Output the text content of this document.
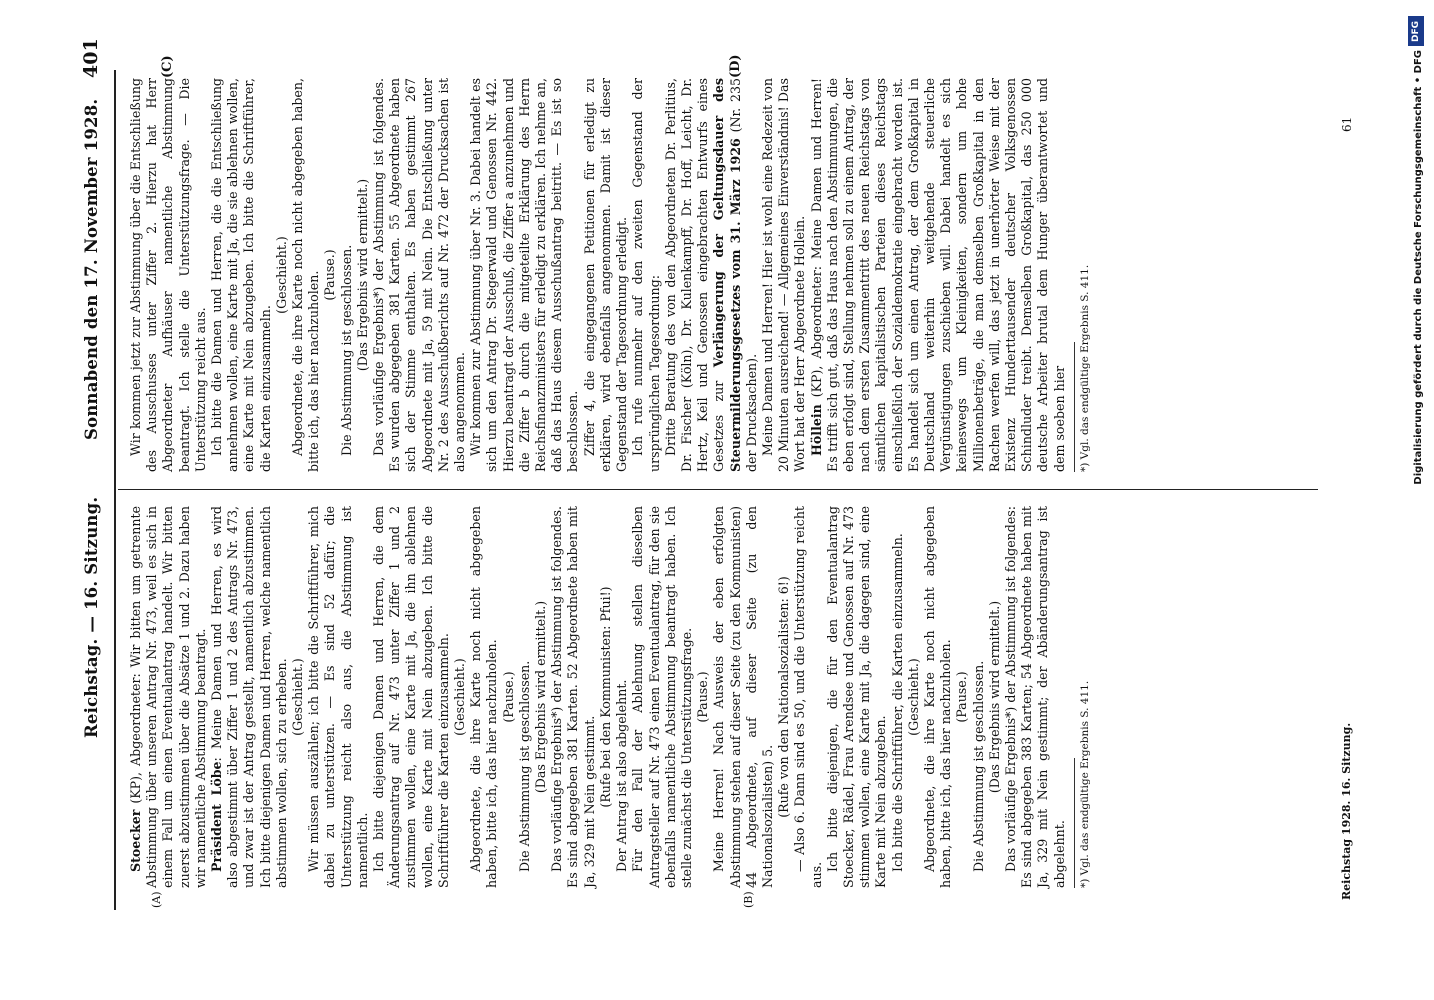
Reichstag. — 16. Sitzung.
Sonnabend den 17. November 1928.
401
(A)	(B)
(C)	(D)

Stoecker (KP), Abgeordneter: Wir bitten um getrennte Abstimmung über unseren Antrag Nr. 473, weil es sich in einem Fall um einen Eventualantrag handelt. Wir bitten zuerst abzustimmen über die Absätze 1 und 2. Dazu haben wir namentliche Abstimmung beantragt. Präsident Löbe: Meine Damen und Herren, es wird also abgestimmt über Ziffer 1 und 2 des Antrags Nr. 473, und zwar ist der Antrag gestellt, namentlich abzustimmen. Ich bitte diejenigen Damen und Herren, welche namentlich abstimmen wollen, sich zu erheben. (Geschieht.) Wir müssen auszählen; ich bitte die Schriftführer, mich dabei zu unterstützen. — Es sind 52 dafür; die Unterstützung reicht also aus, die Abstimmung ist namentlich. Ich bitte diejenigen Damen und Herren, die dem Änderungsantrag auf Nr. 473 unter Ziffer 1 und 2 zustimmen wollen, eine Karte mit Ja, die ihn ablehnen wollen, eine Karte mit Nein abzugeben. Ich bitte die Schriftführer die Karten einzusammeln. (Geschieht.) Abgeordnete, die ihre Karte noch nicht abgegeben haben, bitte ich, das hier nachzuholen. (Pause.) Die Abstimmung ist geschlossen. (Das Ergebnis wird ermittelt.) Das vorläufige Ergebnis*) der Abstimmung ist folgendes. Es sind abgegeben 381 Karten. 52 Abgeordnete haben mit Ja, 329 mit Nein gestimmt. (Rufe bei den Kommunisten: Pfui!) Der Antrag ist also abgelehnt. Für den Fall der Ablehnung stellen dieselben Antragsteller auf Nr. 473 einen Eventualantrag, für den sie ebenfalls namentliche Abstimmung beantragt haben. Ich stelle zunächst die Unterstützungsfrage. (Pause.) Meine Herren! Nach Ausweis der eben erfolgten Abstimmung stehen auf dieser Seite (zu den Kommunisten) 44 Abgeordnete, auf dieser Seite (zu den Nationalsozialisten) 5. (Rufe von den Nationalsozialisten: 6!) — Also 6. Dann sind es 50, und die Unterstützung reicht aus.

Ich bitte diejenigen, die für den Eventualantrag Stoecker, Rädel, Frau Arendsee und Genossen auf Nr. 473 stimmen wollen, eine Karte mit Ja, die dagegen sind, eine Karte mit Nein abzugeben. Ich bitte die Schriftführer, die Karten einzusammeln. (Geschieht.) Abgeordnete, die ihre Karte noch nicht abgegeben haben, bitte ich, das hier nachzuholen. (Pause.) Die Abstimmung ist geschlossen. (Das Ergebnis wird ermittelt.) Das vorläufige Ergebnis*) der Abstimmung ist folgendes: Es sind abgegeben 383 Karten; 54 Abgeordnete haben mit Ja, 329 mit Nein gestimmt; der Abänderungsantrag ist abgelehnt. *) Vgl. das endgültige Ergebnis S. 411.	Reichstag 1928. 16. Sitzung.

Wir kommen jetzt zur Abstimmung über die Entschließung des Ausschusses unter Ziffer 2. Hierzu hat Herr Abgeordneter Aufhäuser namentliche Abstimmung beantragt. Ich stelle die Unterstützungsfrage. — Die Unterstützung reicht aus. Ich bitte die Damen und Herren, die die Entschließung annehmen wollen, eine Karte mit Ja, die sie ablehnen wollen, eine Karte mit Nein abzugeben. Ich bitte die Schriftführer, die Karten einzusammeln.

(Geschieht.) Abgeordnete, die ihre Karte noch nicht abgegeben haben, bitte ich, das hier nachzuholen. (Pause.) Die Abstimmung ist geschlossen. (Das Ergebnis wird ermittelt.) Das vorläufige Ergebnis*) der Abstimmung ist folgendes. Es wurden abgegeben 381 Karten. 55 Abgeordnete haben sich der Stimme enthalten. Es haben gestimmt 267 Abgeordnete mit Ja, 59 mit Nein. Die Entschließung unter Nr. 2 des Ausschußberichts auf Nr. 472 der Drucksachen ist also angenommen. Wir kommen zur Abstimmung über Nr. 3. Dabei handelt es sich um den Antrag Dr. Stegerwald und Genossen Nr. 442. Hierzu beantragt der Ausschuß, die Ziffer a anzunehmen und die Ziffer b durch die mitgeteilte Erklärung des Herrn Reichsfinanzministers für erledigt zu erklären. Ich nehme an, daß das Haus diesem Ausschußantrag beitritt. — Es ist so beschlossen. Ziffer 4, die eingegangenen Petitionen für erledigt zu erklären, wird ebenfalls angenommen. Damit ist dieser Gegenstand der Tagesordnung erledigt. Ich rufe nunmehr auf den zweiten Gegenstand der ursprünglichen Tagesordnung: Dritte Beratung des von den Abgeordneten Dr. Perlitius, Dr. Fischer (Köln), Dr. Kulenkampff, Dr. Hoff, Leicht, Dr. Hertz, Keil und Genossen eingebrachten Entwurfs eines Gesetzes zur Verlängerung der Geltungsdauer des Steuermilderungsgesetzes vom 31. März 1926 (Nr. 235 der Drucksachen). Meine Damen und Herren! Hier ist wohl eine Redezeit von 20 Minuten ausreichend! — Allgemeines Einverständnis! Das Wort hat der Herr Abgeordnete Hollein. Höllein (KP), Abgeordneter: Meine Damen und Herren! Es trifft sich gut, daß das Haus nach den Abstimmungen, die eben erfolgt sind, Stellung nehmen soll zu einem Antrag, der nach dem ersten Zusammentritt des neuen Reichstags von sämtlichen kapitalistischen Parteien dieses Reichstags einschließlich der Sozialdemokratie eingebracht worden ist. Es handelt sich um einen Antrag, der dem Großkapital in Deutschland weiterhin weitgehende steuerliche Vergünstigungen zuschieben will. Dabei handelt es sich keineswegs um Kleinigkeiten, sondern um hohe Millionenbeträge, die man demselben Großkapital in den Rachen werfen will, das jetzt in unerhörter Weise mit der Existenz Hunderttausender deutscher Volksgenossen Schindluder treibt. Demselben Großkapital, das 250 000 deutsche Arbeiter brutal dem Hunger überantwortet und dem soeben hier *) Vgl. das endgültige Ergebnis S. 411.

61
DFG
Digitalisierung gefördert durch die Deutsche Forschungsgemeinschaft • DFG
